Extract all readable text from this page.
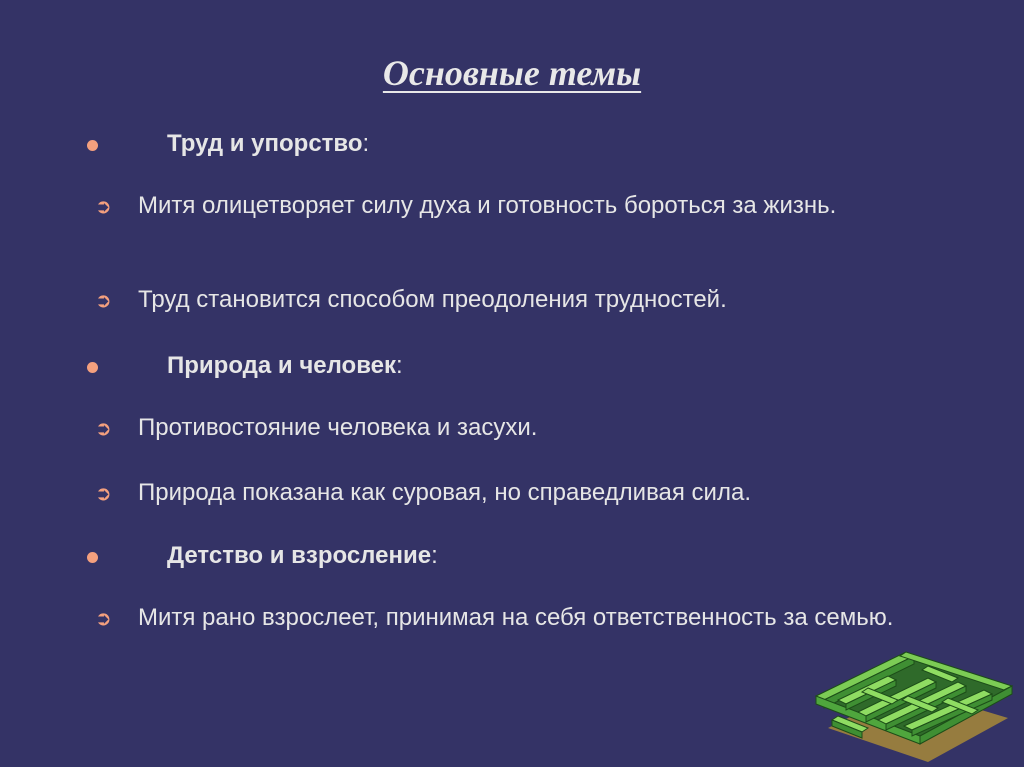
Основные темы
Труд и упорство:
➲ Митя олицетворяет силу духа и готовность бороться за жизнь.
➲ Труд становится способом преодоления трудностей.
Природа и человек:
➲ Противостояние человека и засухи.
➲ Природа показана как суровая, но справедливая сила.
Детство и взросление:
➲ Митя рано взрослеет, принимая на себя ответственность за семью.
